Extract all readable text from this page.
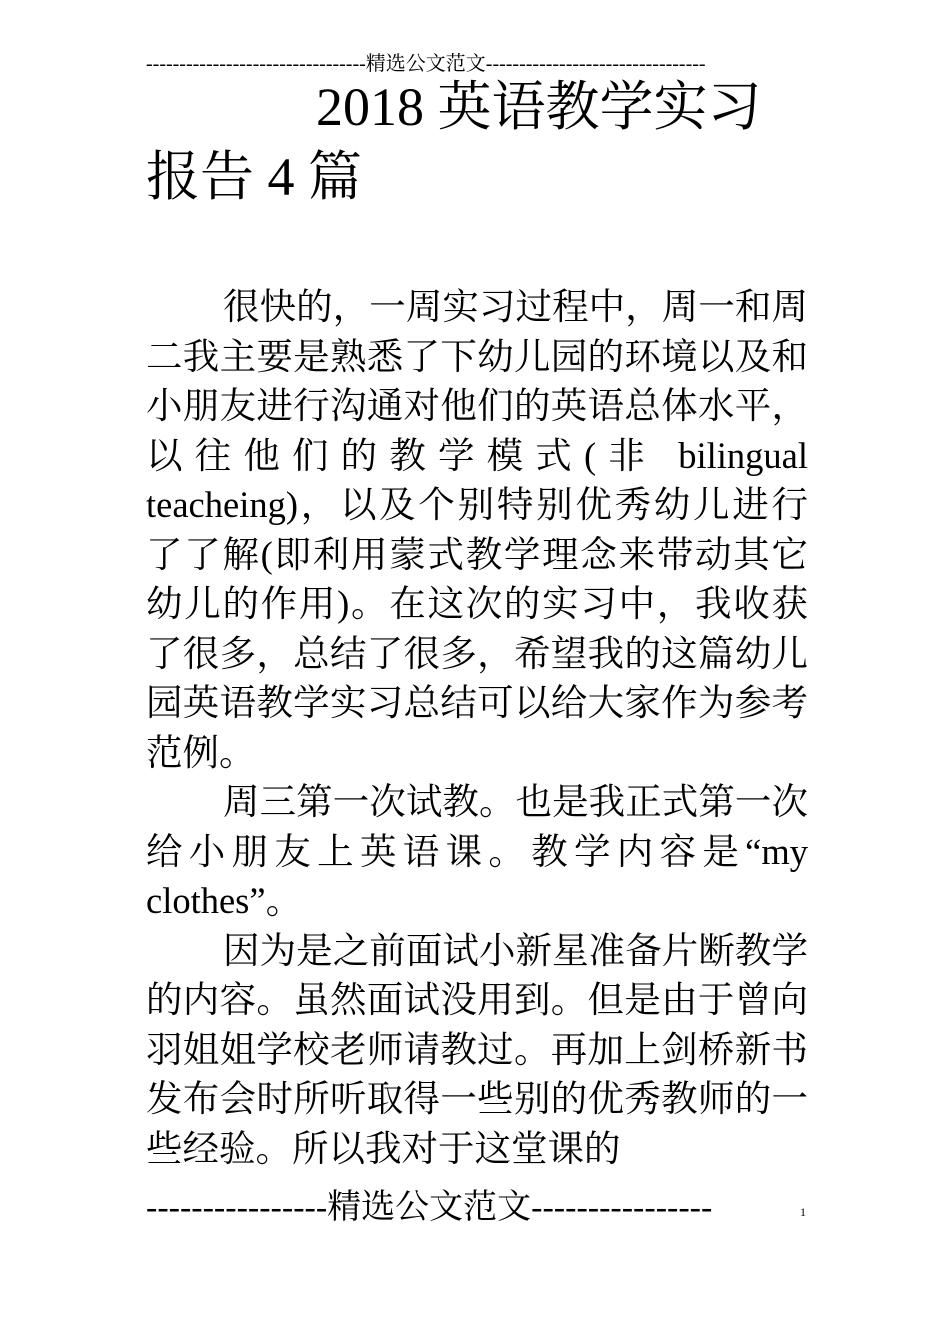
---------------------------------精选公文范文---------------------------------
2018 英语教学实习
报告 4 篇

很快的，一周实习过程中，周一和周二我主要是熟悉了下幼儿园的环境以及和小朋友进行沟通对他们的英语总体水平，以往他们的教学模式(非 bilingual teacheing)，以及个别特别优秀幼儿进行了了解(即利用蒙式教学理念来带动其它幼儿的作用)。在这次的实习中，我收获了很多，总结了很多，希望我的这篇幼儿园英语教学实习总结可以给大家作为参考范例。

周三第一次试教。也是我正式第一次给小朋友上英语课。教学内容是“my clothes”。

因为是之前面试小新星准备片断教学的内容。虽然面试没用到。但是由于曾向羽姐姐学校老师请教过。再加上剑桥新书发布会时所听取得一些别的优秀教师的一些经验。所以我对于这堂课的

----------------精选公文范文----------------	1
